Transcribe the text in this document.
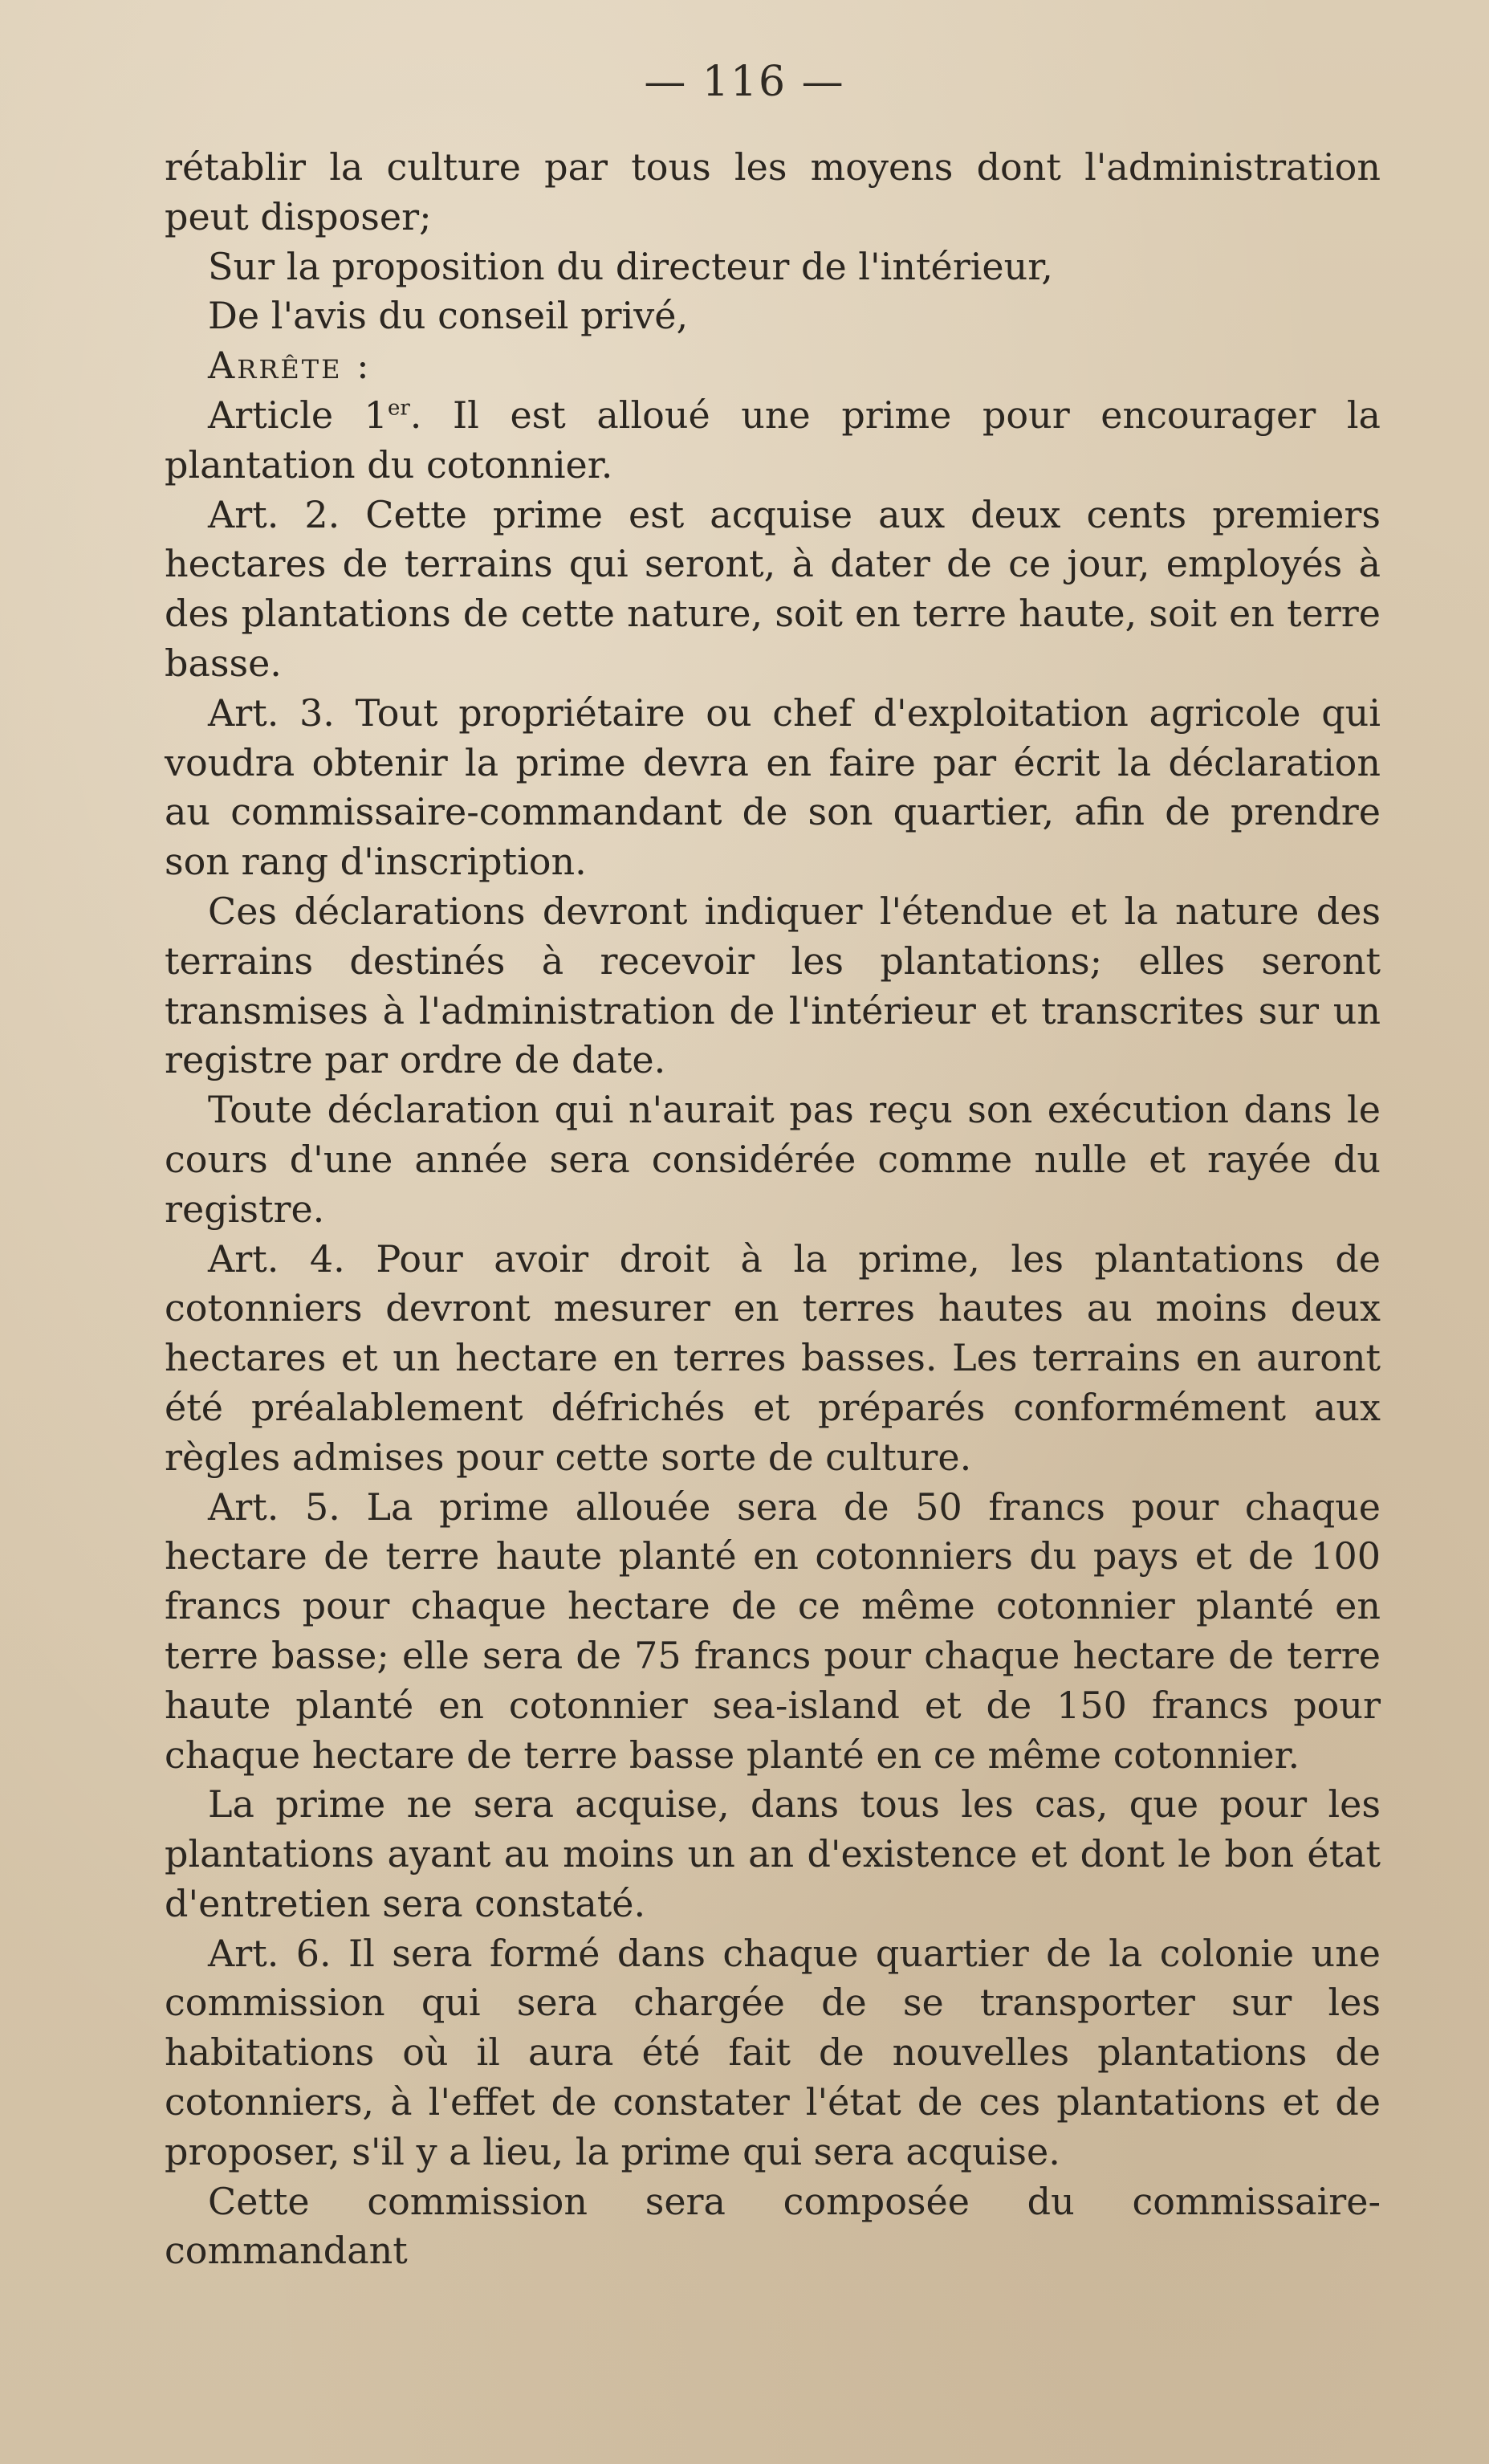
— 116 —

rétablir la culture par tous les moyens dont l'administration peut disposer;

Sur la proposition du directeur de l'intérieur,

De l'avis du conseil privé,

Arrête :

Article 1er. Il est alloué une prime pour encourager la plantation du cotonnier.

Art. 2. Cette prime est acquise aux deux cents premiers hectares de terrains qui seront, à dater de ce jour, employés à des plantations de cette nature, soit en terre haute, soit en terre basse.

Art. 3. Tout propriétaire ou chef d'exploitation agricole qui voudra obtenir la prime devra en faire par écrit la déclaration au commissaire-commandant de son quartier, afin de prendre son rang d'inscription.

Ces déclarations devront indiquer l'étendue et la nature des terrains destinés à recevoir les plantations; elles seront transmises à l'administration de l'intérieur et transcrites sur un registre par ordre de date.

Toute déclaration qui n'aurait pas reçu son exécution dans le cours d'une année sera considérée comme nulle et rayée du registre.

Art. 4. Pour avoir droit à la prime, les plantations de cotonniers devront mesurer en terres hautes au moins deux hectares et un hectare en terres basses. Les terrains en auront été préalablement défrichés et préparés conformément aux règles admises pour cette sorte de culture.

Art. 5. La prime allouée sera de 50 francs pour chaque hectare de terre haute planté en cotonniers du pays et de 100 francs pour chaque hectare de ce même cotonnier planté en terre basse; elle sera de 75 francs pour chaque hectare de terre haute planté en cotonnier sea-island et de 150 francs pour chaque hectare de terre basse planté en ce même cotonnier.

La prime ne sera acquise, dans tous les cas, que pour les plantations ayant au moins un an d'existence et dont le bon état d'entretien sera constaté.

Art. 6. Il sera formé dans chaque quartier de la colonie une commission qui sera chargée de se transporter sur les habitations où il aura été fait de nouvelles plantations de cotonniers, à l'effet de constater l'état de ces plantations et de proposer, s'il y a lieu, la prime qui sera acquise.

Cette commission sera composée du commissaire-commandant
